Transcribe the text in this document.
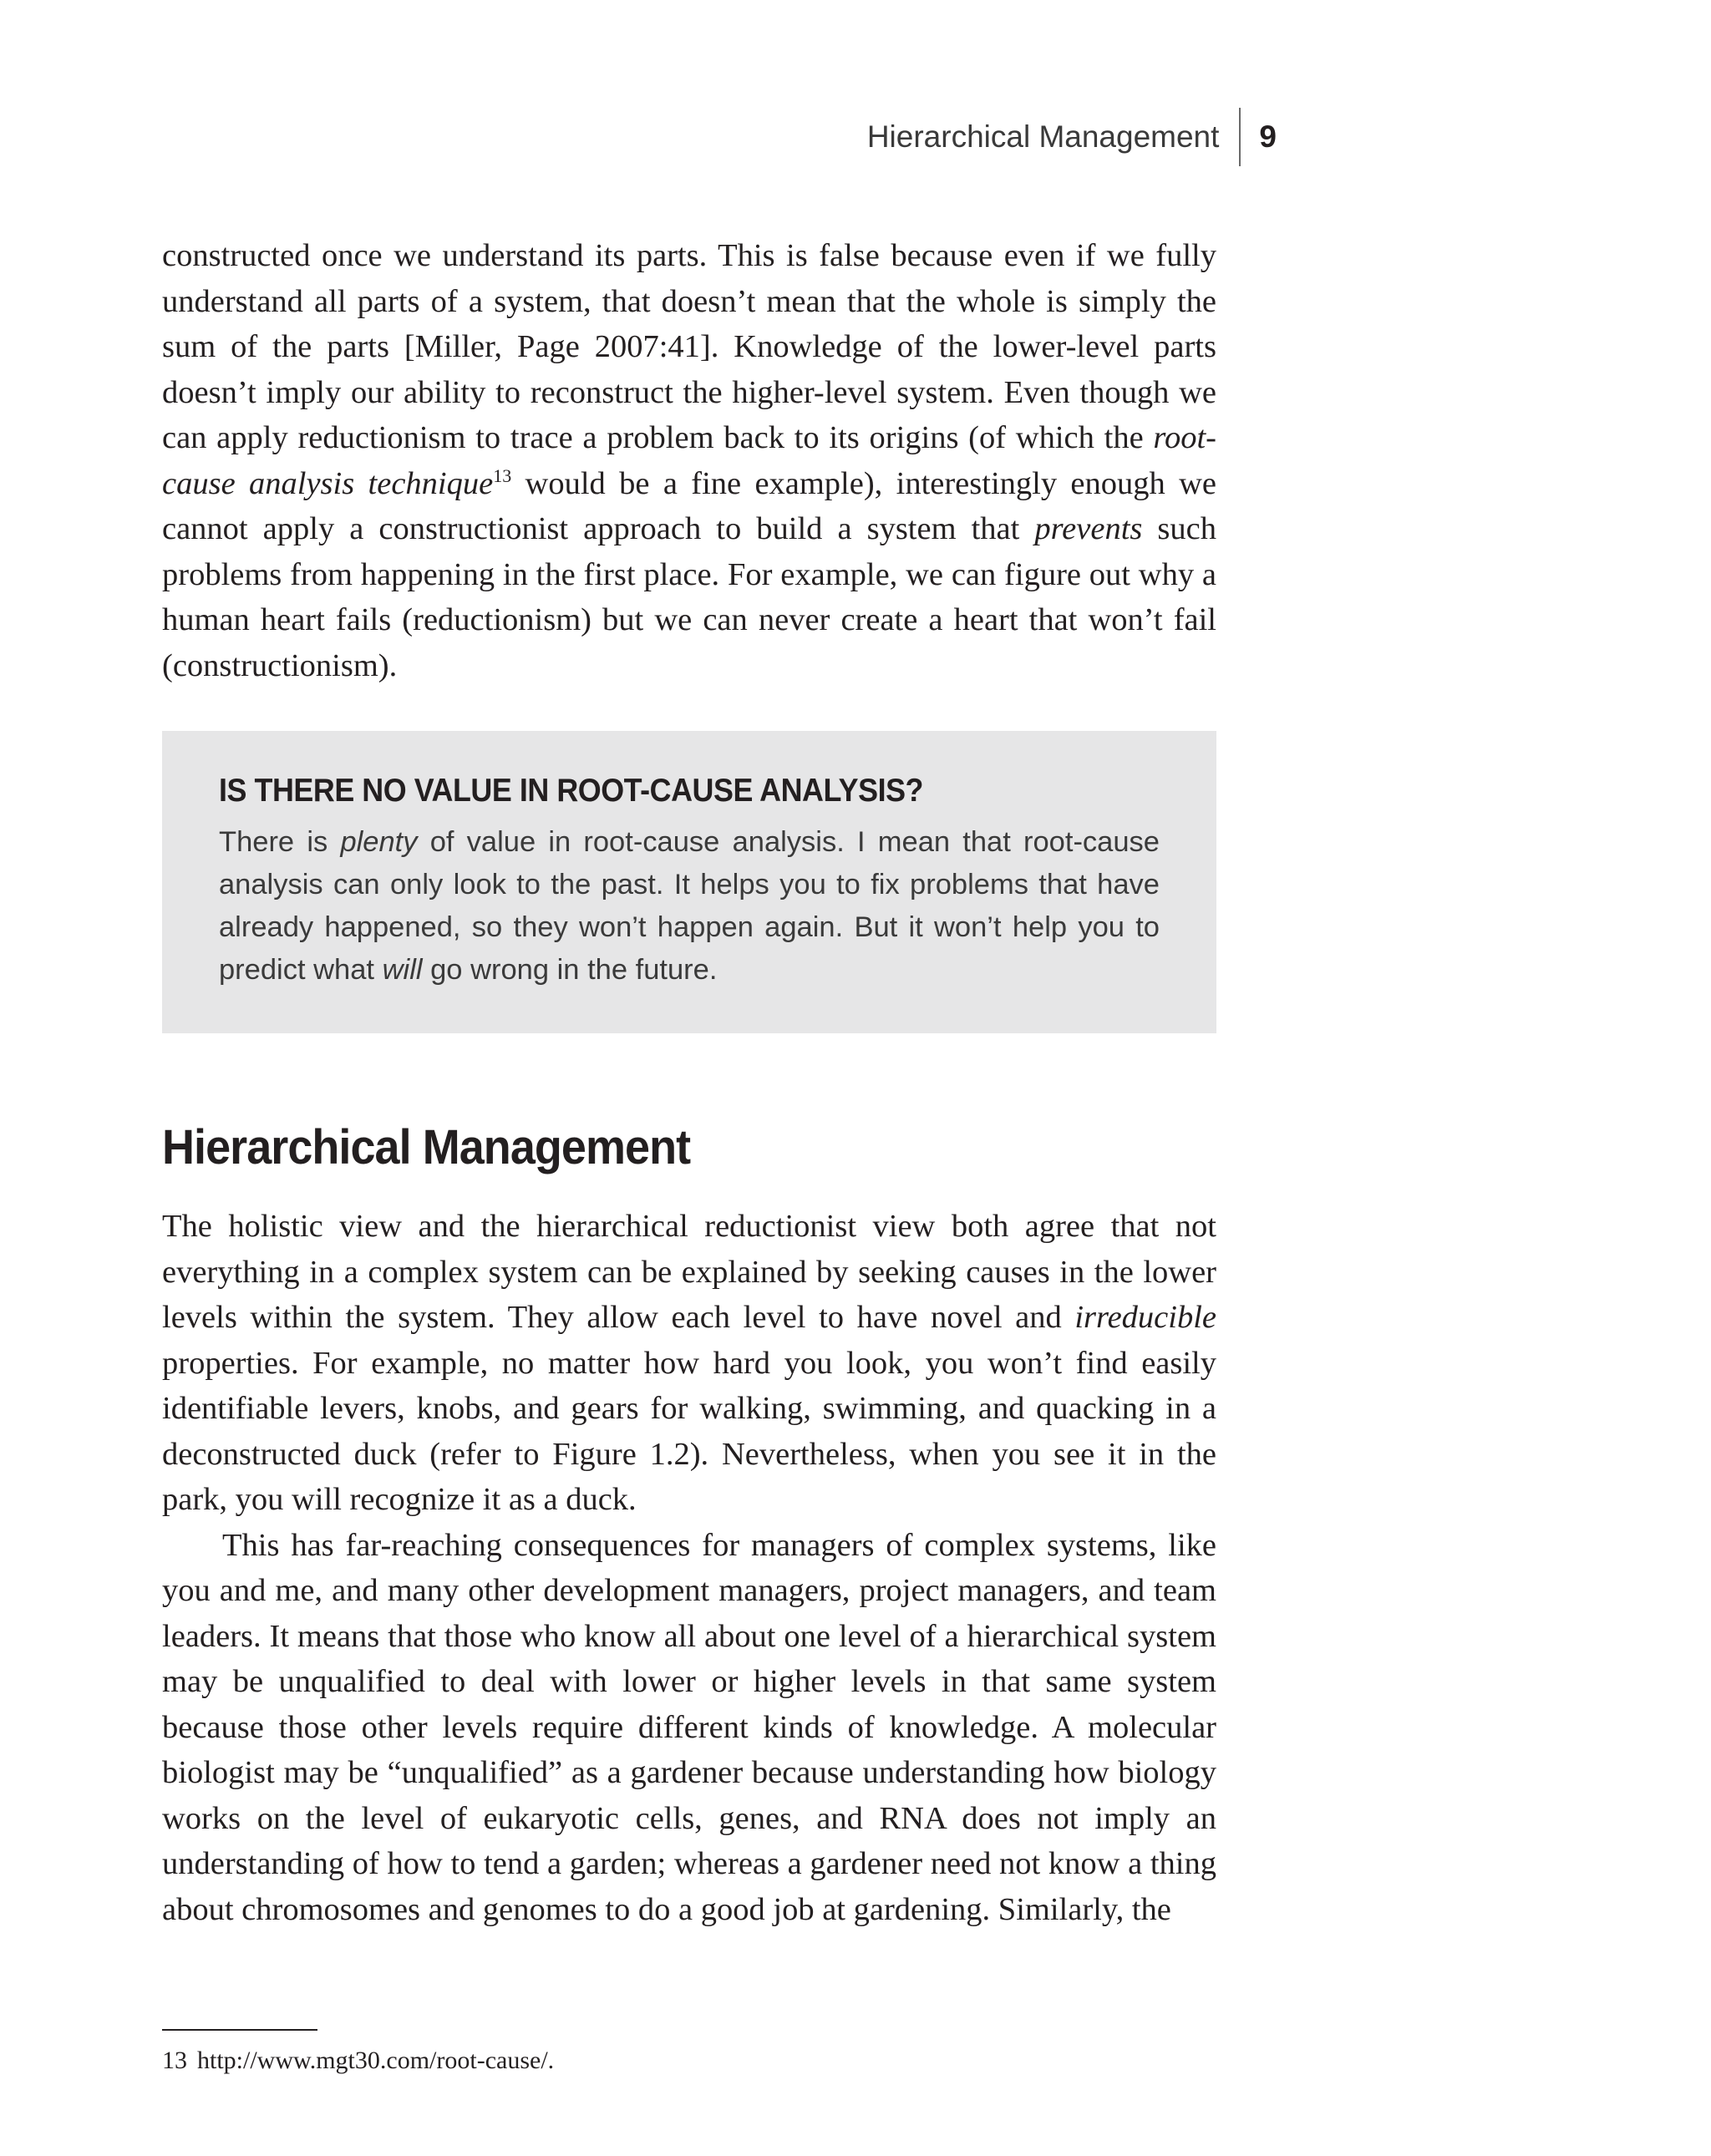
Hierarchical Management	9

constructed once we understand its parts. This is false because even if we fully understand all parts of a system, that doesn’t mean that the whole is simply the sum of the parts [Miller, Page 2007:41]. Knowledge of the lower-level parts doesn’t imply our ability to reconstruct the higher-level system. Even though we can apply reductionism to trace a problem back to its origins (of which the root-cause analysis technique$^{13}$ would be a fine example), interestingly enough we cannot apply a constructionist approach to build a system that prevents such problems from happening in the first place. For example, we can figure out why a human heart fails (reductionism) but we can never create a heart that won’t fail (constructionism).

IS THERE NO VALUE IN ROOT-CAUSE ANALYSIS?

There is plenty of value in root-cause analysis. I mean that root-cause analysis can only look to the past. It helps you to fix problems that have already happened, so they won’t happen again. But it won’t help you to predict what will go wrong in the future.

Hierarchical Management

The holistic view and the hierarchical reductionist view both agree that not everything in a complex system can be explained by seeking causes in the lower levels within the system. They allow each level to have novel and irreducible properties. For example, no matter how hard you look, you won’t find easily identifiable levers, knobs, and gears for walking, swimming, and quacking in a deconstructed duck (refer to Figure 1.2). Nevertheless, when you see it in the park, you will recognize it as a duck.

This has far-reaching consequences for managers of complex systems, like you and me, and many other development managers, project managers, and team leaders. It means that those who know all about one level of a hierarchical system may be unqualified to deal with lower or higher levels in that same system because those other levels require different kinds of knowledge. A molecular biologist may be “unqualified” as a gardener because understanding how biology works on the level of eukaryotic cells, genes, and RNA does not imply an understanding of how to tend a garden; whereas a gardener need not know a thing about chromosomes and genomes to do a good job at gardening. Similarly, the

13 http://www.mgt30.com/root-cause/.
